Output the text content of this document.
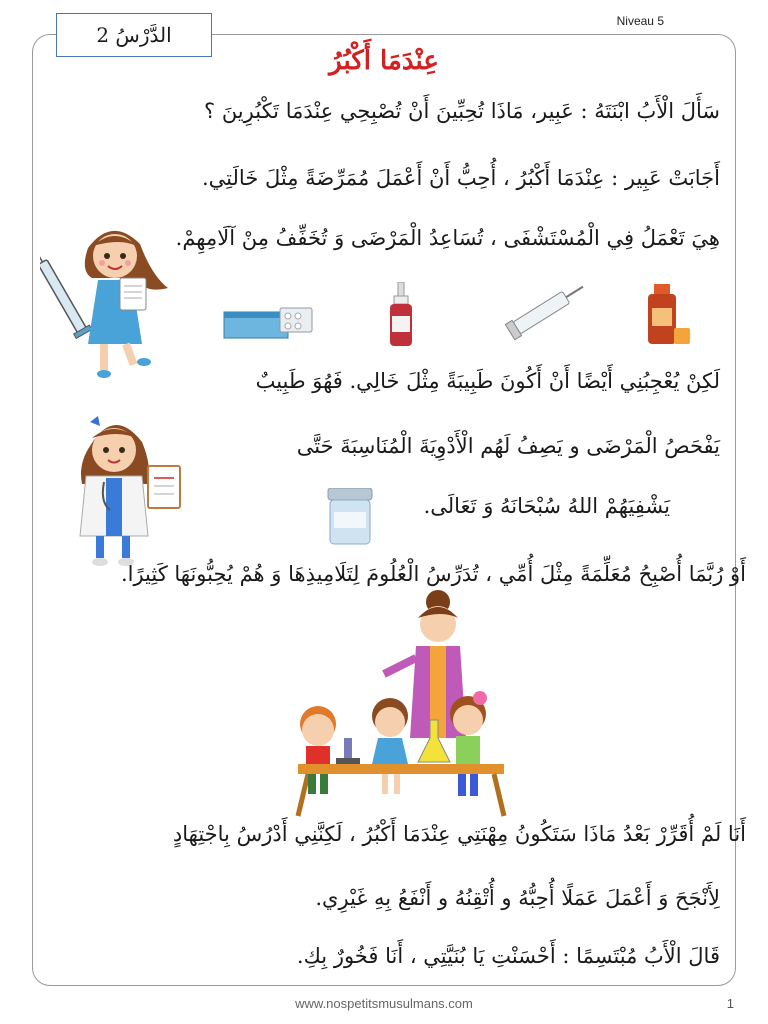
الدَّرْسُ 2
Niveau 5
عِنْدَمَا أَكْبُرُ
سَأَلَ الْأَبُ ابْنَتَهُ : عَبِير، مَاذَا تُحِبِّينَ أَنْ تُصْبِحِي عِنْدَمَا تَكْبُرِينَ ؟
أَجَابَتْ عَبِير : عِنْدَمَا أَكْبُرُ ، أُحِبُّ أَنْ أَعْمَلَ مُمَرِّضَةً مِثْلَ خَالَتِي.
هِيَ تَعْمَلُ فِي الْمُسْتَشْفَى ، تُسَاعِدُ الْمَرْضَى وَ تُخَفِّفُ مِنْ آلَامِهِمْ.
لَكِنْ يُعْجِبُنِي أَيْضًا أَنْ أَكُونَ طَبِيبَةً مِثْلَ خَالِي. فَهُوَ طَبِيبٌ
يَفْحَصُ الْمَرْضَى و يَصِفُ لَهُم الْأَدْوِيَةَ الْمُنَاسِبَةَ حَتَّى
يَشْفِيَهُمْ اللهُ سُبْحَانَهُ وَ تَعَالَى.
أَوْ رُبَّمَا أُصْبِحُ مُعَلِّمَةً مِثْلَ أُمِّي ، تُدَرِّسُ الْعُلُومَ لِتَلَامِيذِهَا وَ هُمْ يُحِبُّونَهَا كَثِيرًا.
أَنَا لَمْ أُقَرِّرْ بَعْدُ مَاذَا سَتَكُونُ مِهْنَتِي عِنْدَمَا أَكْبُرُ ، لَكِنَّنِي أَدْرُسُ بِاجْتِهَادٍ
لِأَنْجَحَ وَ أَعْمَلَ عَمَلًا أُحِبُّهُ و أُتْقِنُهُ و أَنْفَعُ بِهِ غَيْرِي.
قَالَ الْأَبُ مُبْتَسِمًا : أَحْسَنْتِ يَا بُنَيَّتِي ، أَنَا فَخُورٌ بِكِ.
www.nospetitsmusulmans.com	1
